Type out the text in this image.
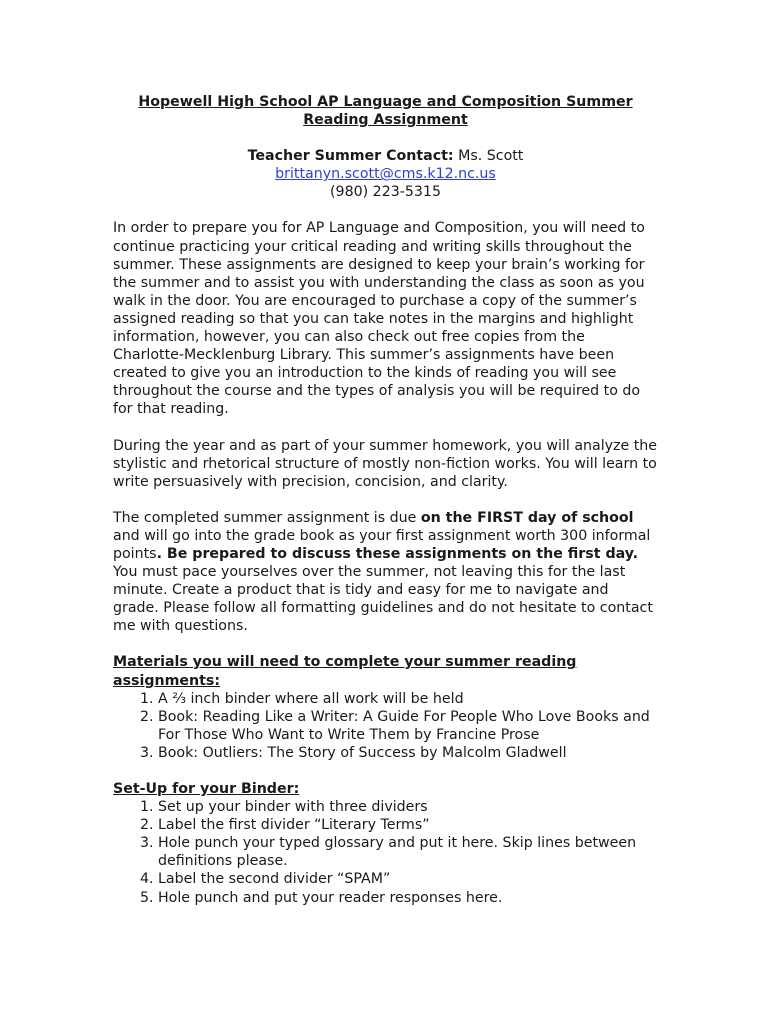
Hopewell High School AP Language and Composition Summer
Reading Assignment
Teacher Summer Contact: Ms. Scott
brittanyn.scott@cms.k12.nc.us
(980) 223-5315

In order to prepare you for AP Language and Composition, you will need to continue practicing your critical reading and writing skills throughout the summer. These assignments are designed to keep your brain’s working for the summer and to assist you with understanding the class as soon as you walk in the door. You are encouraged to purchase a copy of the summer’s assigned reading so that you can take notes in the margins and highlight information, however, you can also check out free copies from the Charlotte-Mecklenburg Library. This summer’s assignments have been created to give you an introduction to the kinds of reading you will see throughout the course and the types of analysis you will be required to do for that reading.

During the year and as part of your summer homework, you will analyze the stylistic and rhetorical structure of mostly non-fiction works. You will learn to write persuasively with precision, concision, and clarity.

The completed summer assignment is due on the FIRST day of school and will go into the grade book as your first assignment worth 300 informal points. Be prepared to discuss these assignments on the first day. You must pace yourselves over the summer, not leaving this for the last minute. Create a product that is tidy and easy for me to navigate and grade. Please follow all formatting guidelines and do not hesitate to contact me with questions.

Materials you will need to complete your summer reading assignments:
1. A ⅔ inch binder where all work will be held
2. Book: Reading Like a Writer: A Guide For People Who Love Books and For Those Who Want to Write Them by Francine Prose
3. Book: Outliers: The Story of Success by Malcolm Gladwell
Set-Up for your Binder:
1. Set up your binder with three dividers
2. Label the first divider “Literary Terms”
3. Hole punch your typed glossary and put it here. Skip lines between definitions please.
4. Label the second divider “SPAM”
5. Hole punch and put your reader responses here.
